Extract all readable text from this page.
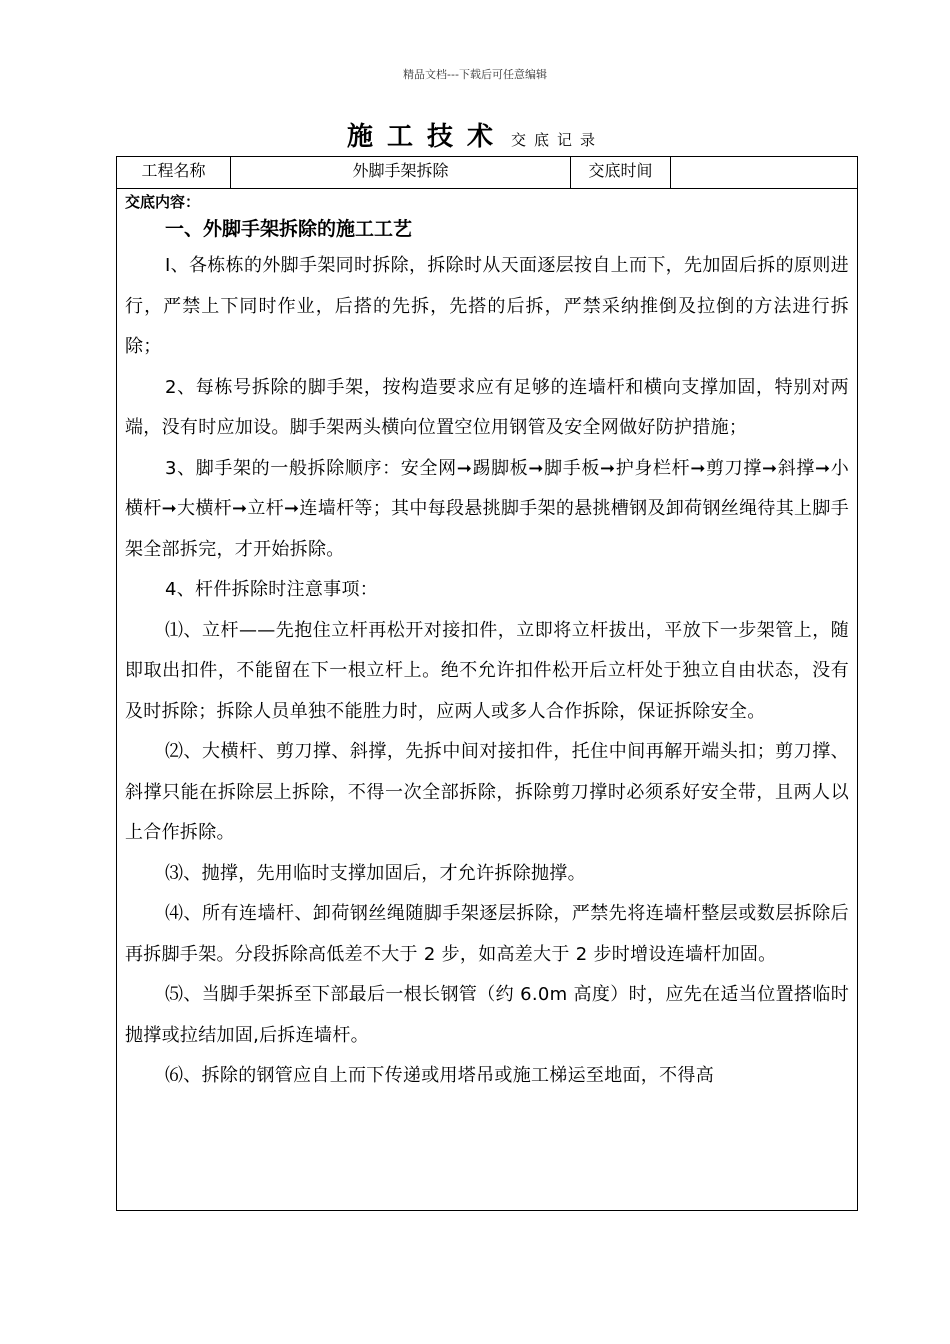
精品文档---下载后可任意编辑
施工技术 交底记录
工程名称	外脚手架拆除	交底时间
交底内容：
一、外脚手架拆除的施工工艺

Ⅰ、各栋栋的外脚手架同时拆除，拆除时从天面逐层按自上而下，先加固后拆的原则进行，严禁上下同时作业，后搭的先拆，先搭的后拆，严禁采纳推倒及拉倒的方法进行拆除；

2、每栋号拆除的脚手架，按构造要求应有足够的连墙杆和横向支撑加固，特别对两端，没有时应加设。脚手架两头横向位置空位用钢管及安全网做好防护措施；

3、脚手架的一般拆除顺序：安全网➞踢脚板➞脚手板➞护身栏杆➞剪刀撑➞斜撑➞小横杆➞大横杆➞立杆➞连墙杆等；其中每段悬挑脚手架的悬挑槽钢及卸荷钢丝绳待其上脚手架全部拆完，才开始拆除。

4、杆件拆除时注意事项：

⑴、立杆——先抱住立杆再松开对接扣件，立即将立杆拔出，平放下一步架管上，随即取出扣件，不能留在下一根立杆上。绝不允许扣件松开后立杆处于独立自由状态，没有及时拆除；拆除人员单独不能胜力时，应两人或多人合作拆除，保证拆除安全。

⑵、大横杆、剪刀撑、斜撑，先拆中间对接扣件，托住中间再解开端头扣；剪刀撑、斜撑只能在拆除层上拆除，不得一次全部拆除，拆除剪刀撑时必须系好安全带，且两人以上合作拆除。

⑶、抛撑，先用临时支撑加固后，才允许拆除抛撑。

⑷、所有连墙杆、卸荷钢丝绳随脚手架逐层拆除，严禁先将连墙杆整层或数层拆除后再拆脚手架。分段拆除高低差不大于 2 步，如高差大于 2 步时增设连墙杆加固。

⑸、当脚手架拆至下部最后一根长钢管（约 6.0m 高度）时，应先在适当位置搭临时抛撑或拉结加固,后拆连墙杆。

⑹、拆除的钢管应自上而下传递或用塔吊或施工梯运至地面，不得高
